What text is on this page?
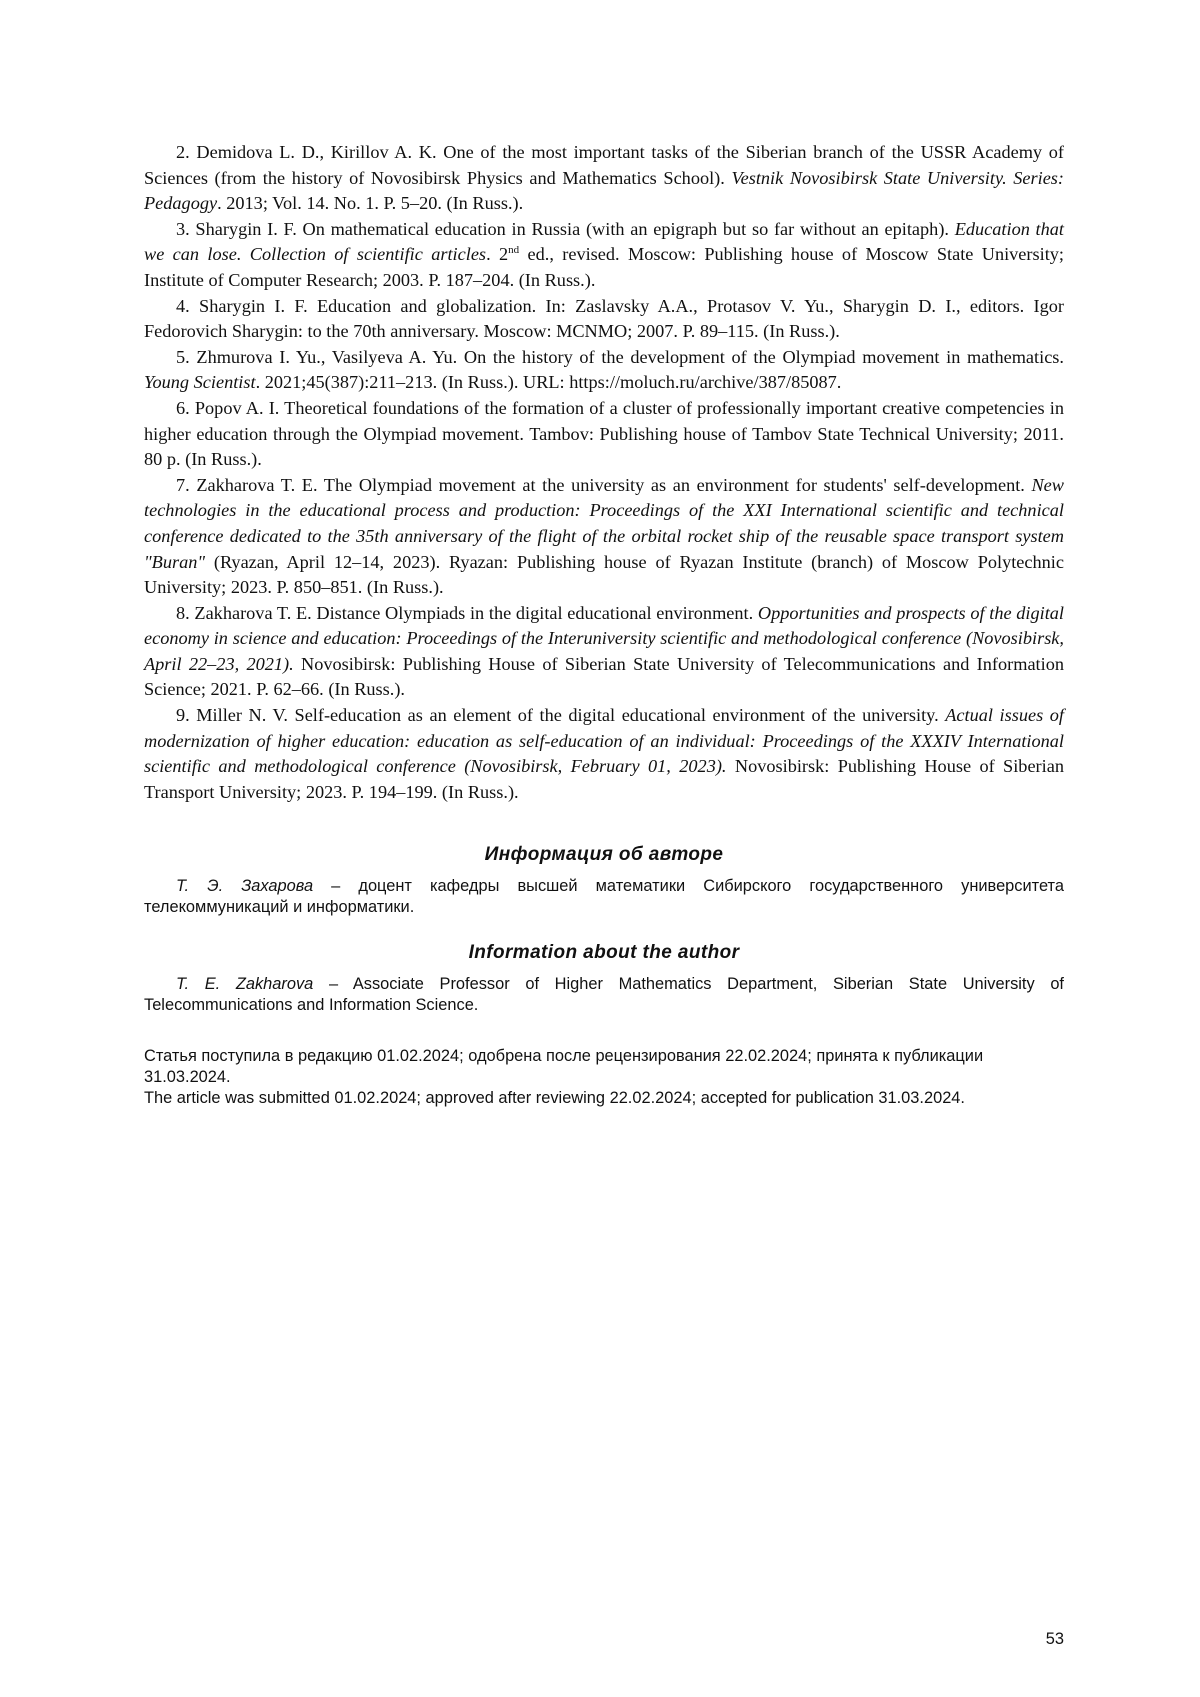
2. Demidova L. D., Kirillov A. K. One of the most important tasks of the Siberian branch of the USSR Academy of Sciences (from the history of Novosibirsk Physics and Mathematics School). Vestnik Novosibirsk State University. Series: Pedagogy. 2013; Vol. 14. No. 1. P. 5–20. (In Russ.).

3. Sharygin I. F. On mathematical education in Russia (with an epigraph but so far without an epitaph). Education that we can lose. Collection of scientific articles. 2nd ed., revised. Moscow: Publishing house of Moscow State University; Institute of Computer Research; 2003. P. 187–204. (In Russ.).

4. Sharygin I. F. Education and globalization. In: Zaslavsky A.A., Protasov V. Yu., Sharygin D. I., editors. Igor Fedorovich Sharygin: to the 70th anniversary. Moscow: MCNMO; 2007. P. 89–115. (In Russ.).

5. Zhmurova I. Yu., Vasilyeva A. Yu. On the history of the development of the Olympiad movement in mathematics. Young Scientist. 2021;45(387):211–213. (In Russ.). URL: https://moluch.ru/archive/387/85087.

6. Popov A. I. Theoretical foundations of the formation of a cluster of professionally important creative competencies in higher education through the Olympiad movement. Tambov: Publishing house of Tambov State Technical University; 2011. 80 p. (In Russ.).

7. Zakharova T. E. The Olympiad movement at the university as an environment for students' self-development. New technologies in the educational process and production: Proceedings of the XXI International scientific and technical conference dedicated to the 35th anniversary of the flight of the orbital rocket ship of the reusable space transport system "Buran" (Ryazan, April 12–14, 2023). Ryazan: Publishing house of Ryazan Institute (branch) of Moscow Polytechnic University; 2023. P. 850–851. (In Russ.).

8. Zakharova T. E. Distance Olympiads in the digital educational environment. Opportunities and prospects of the digital economy in science and education: Proceedings of the Interuniversity scientific and methodological conference (Novosibirsk, April 22–23, 2021). Novosibirsk: Publishing House of Siberian State University of Telecommunications and Information Science; 2021. P. 62–66. (In Russ.).

9. Miller N. V. Self-education as an element of the digital educational environment of the university. Actual issues of modernization of higher education: education as self-education of an individual: Proceedings of the XXXIV International scientific and methodological conference (Novosibirsk, February 01, 2023). Novosibirsk: Publishing House of Siberian Transport University; 2023. P. 194–199. (In Russ.).

Информация об авторе

Т. Э. Захарова – доцент кафедры высшей математики Сибирского государственного университета телекоммуникаций и информатики.

Information about the author

T. E. Zakharova – Associate Professor of Higher Mathematics Department, Siberian State University of Telecommunications and Information Science.

Статья поступила в редакцию 01.02.2024; одобрена после рецензирования 22.02.2024; принята к публикации 31.03.2024.

The article was submitted 01.02.2024; approved after reviewing 22.02.2024; accepted for publication 31.03.2024.

53
